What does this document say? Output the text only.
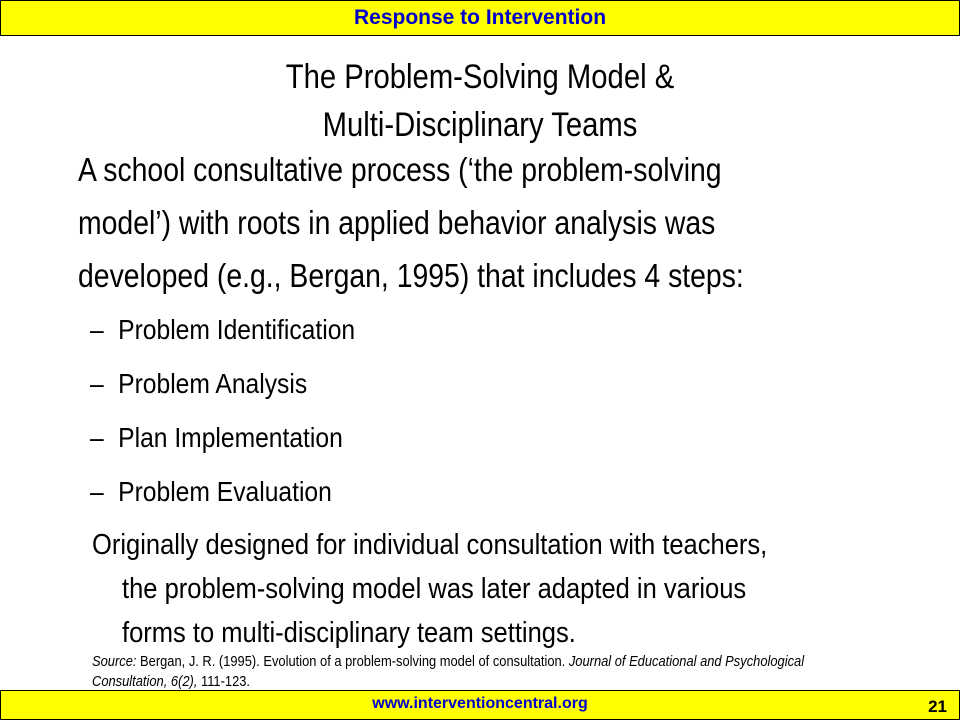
Response to Intervention
The Problem-Solving Model &
Multi-Disciplinary Teams
A school consultative process (‘the problem-solving
model’) with roots in applied behavior analysis was
developed (e.g., Bergan, 1995) that includes 4 steps:
– Problem Identification
– Problem Analysis
– Plan Implementation
– Problem Evaluation
Originally designed for individual consultation with teachers,
the problem-solving model was later adapted in various
forms to multi-disciplinary team settings.
Source: Bergan, J. R. (1995). Evolution of a problem-solving model of consultation. Journal of Educational and Psychological
Consultation, 6(2), 111-123.
www.interventioncentral.org	21
